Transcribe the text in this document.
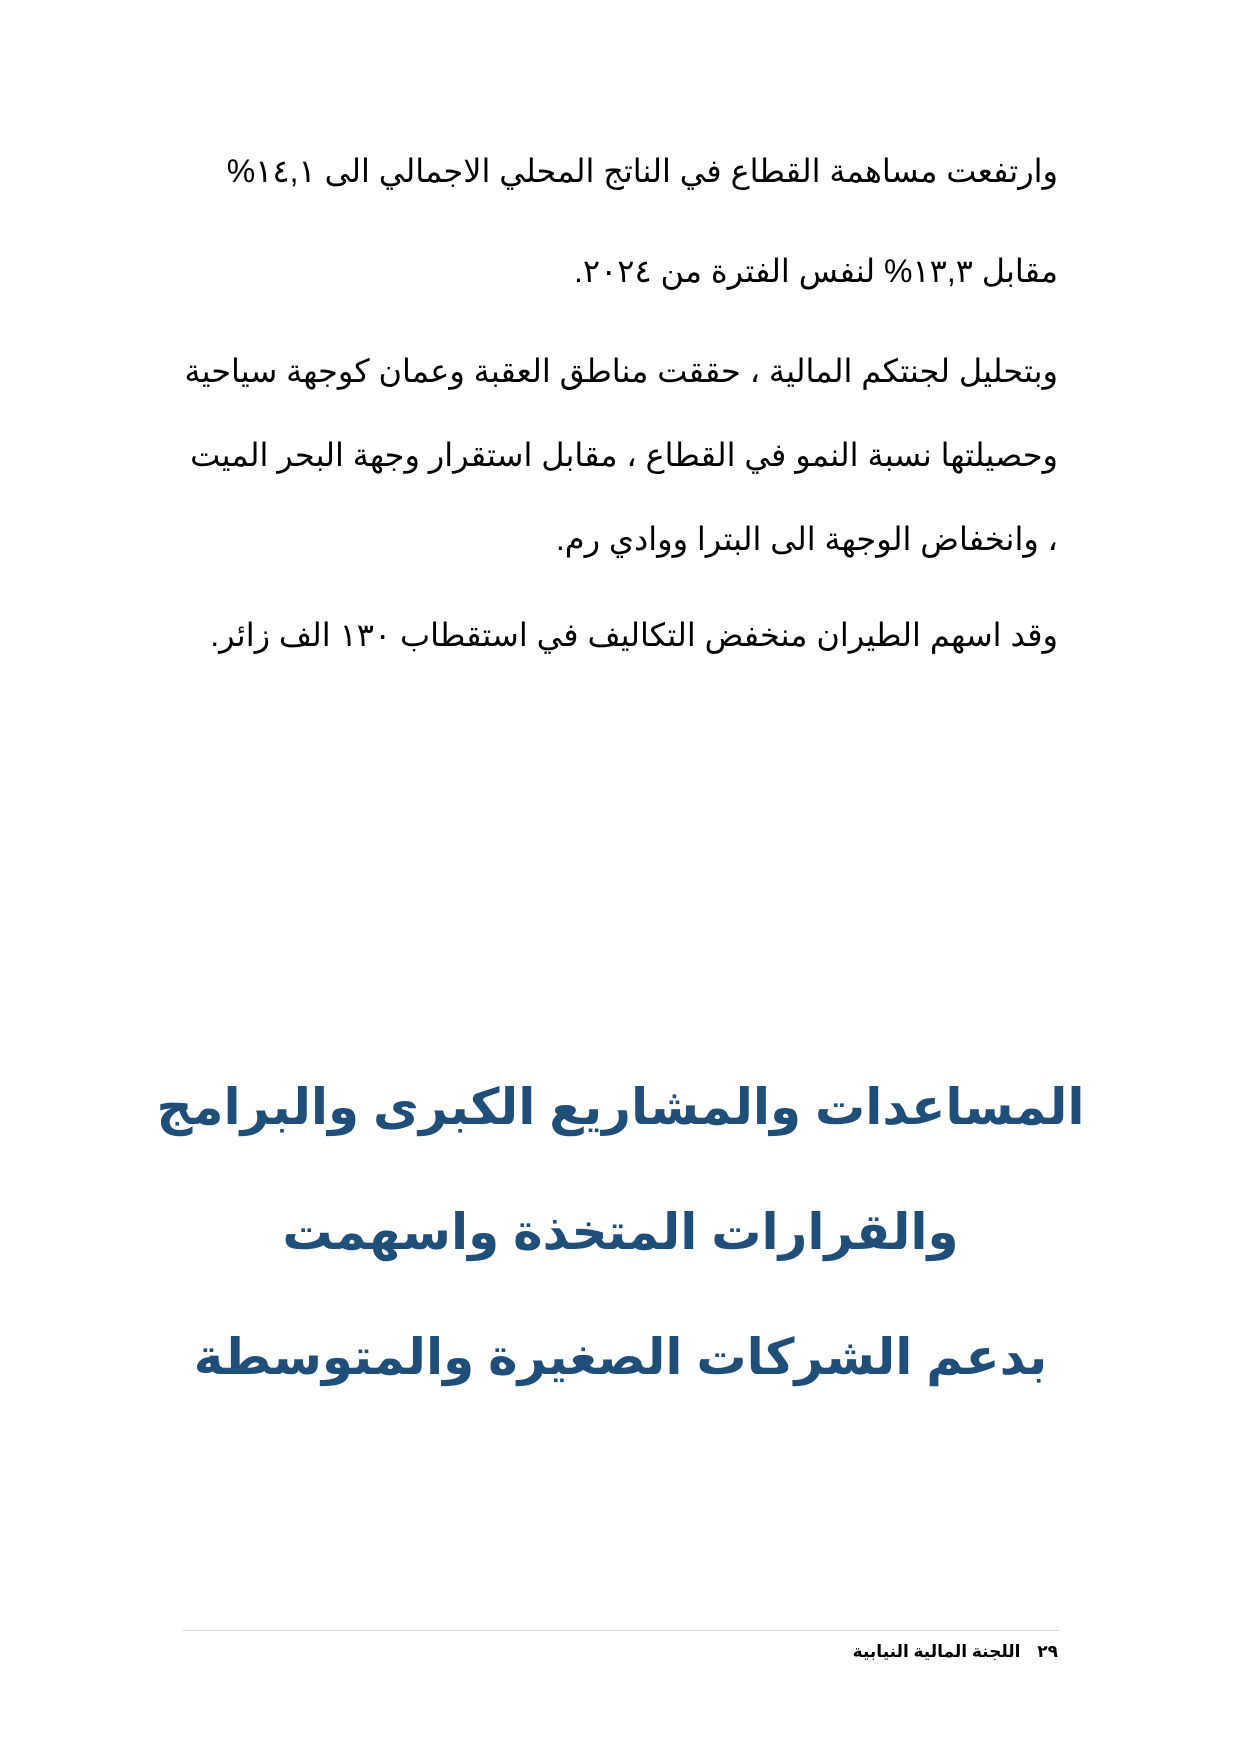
وارتفعت مساهمة القطاع في الناتج المحلي الاجمالي الى ١٤,١%

مقابل ١٣,٣% لنفس الفترة من ٢٠٢٤.

وبتحليل لجنتكم المالية ، حققت مناطق العقبة وعمان كوجهة سياحية

وحصيلتها نسبة النمو في القطاع ، مقابل استقرار وجهة البحر الميت

، وانخفاض الوجهة الى البترا ووادي رم.

وقد اسهم الطيران منخفض التكاليف في استقطاب ١٣٠ الف زائر.

المساعدات والمشاريع الكبرى والبرامج
والقرارات المتخذة واسهمت
بدعم الشركات الصغيرة والمتوسطة
٢٩ اللجنة المالية النيابية
